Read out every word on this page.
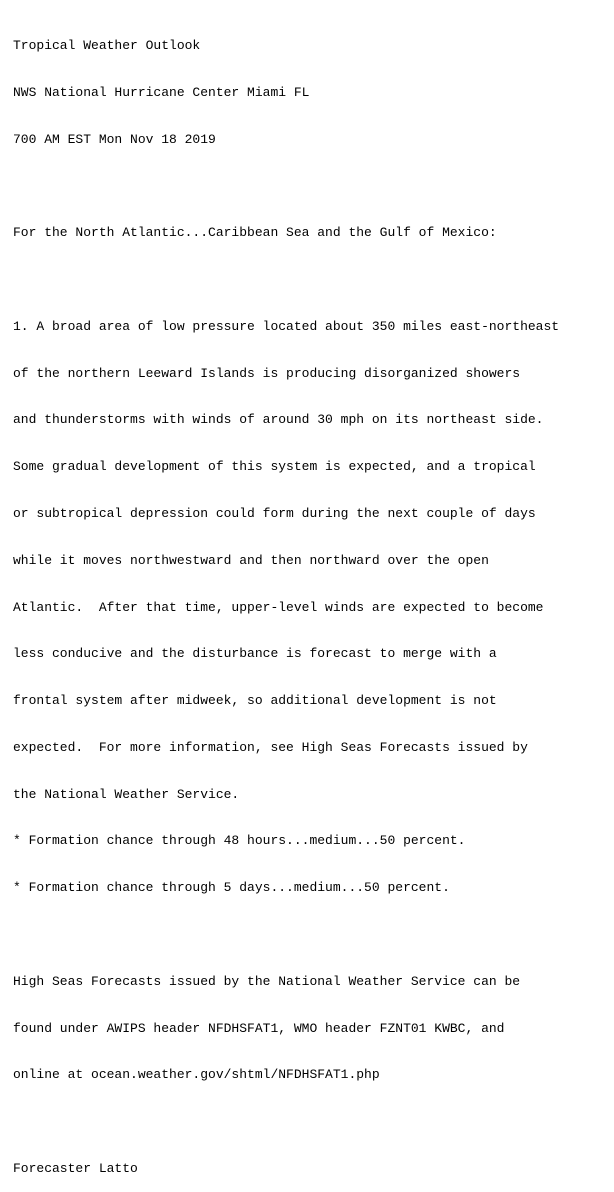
Tropical Weather Outlook

NWS National Hurricane Center Miami FL

700 AM EST Mon Nov 18 2019

For the North Atlantic...Caribbean Sea and the Gulf of Mexico:

1. A broad area of low pressure located about 350 miles east-northeast

of the northern Leeward Islands is producing disorganized showers

and thunderstorms with winds of around 30 mph on its northeast side.

Some gradual development of this system is expected, and a tropical

or subtropical depression could form during the next couple of days

while it moves northwestward and then northward over the open

Atlantic.  After that time, upper-level winds are expected to become

less conducive and the disturbance is forecast to merge with a

frontal system after midweek, so additional development is not

expected.  For more information, see High Seas Forecasts issued by

the National Weather Service.

* Formation chance through 48 hours...medium...50 percent.

* Formation chance through 5 days...medium...50 percent.

High Seas Forecasts issued by the National Weather Service can be

found under AWIPS header NFDHSFAT1, WMO header FZNT01 KWBC, and

online at ocean.weather.gov/shtml/NFDHSFAT1.php

Forecaster Latto
